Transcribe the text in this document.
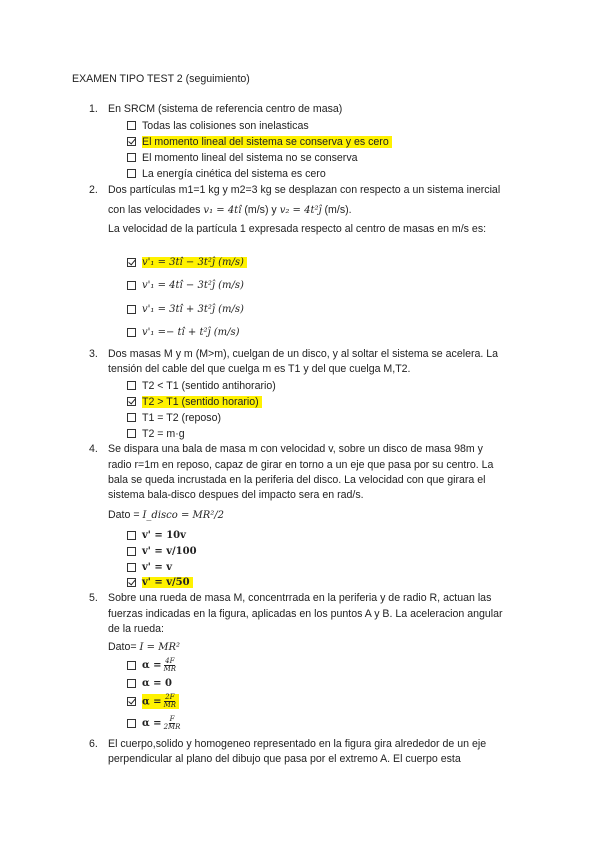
EXAMEN TIPO TEST 2 (seguimiento)
1. En SRCM (sistema de referencia centro de masa)
Todas las colisiones son inelasticas
El momento lineal del sistema se conserva y es cero
El momento lineal del sistema no se conserva
La energía cinética del sistema es cero
2. Dos partículas m1=1 kg y m2=3 kg se desplazan con respecto a un sistema inercial
con las velocidades v₁ = 4tî (m/s) y v₂ = 4t²ĵ (m/s).
La velocidad de la partícula 1 expresada respecto al centro de masas en m/s es:
v'₁ = 3tî − 3t²ĵ (m/s)
v'₁ = 4tî − 3t²ĵ (m/s)
v'₁ = 3tî + 3t²ĵ (m/s)
v'₁ =− tî + t²ĵ (m/s)
3. Dos masas M y m (M>m), cuelgan de un disco, y al soltar el sistema se acelera. La
tensión del cable del que cuelga m es T1 y del que cuelga M,T2.
T2 < T1 (sentido antihorario)
T2 > T1 (sentido horario)
T1 = T2 (reposo)
T2 = m·g
4. Se dispara una bala de masa m con velocidad v, sobre un disco de masa 98m y
radio r=1m en reposo, capaz de girar en torno a un eje que pasa por su centro. La
bala se queda incrustada en la periferia del disco. La velocidad con que girara el
sistema bala-disco despues del impacto sera en rad/s.
Dato = I_disco = MR²/2
v' = 10v
v' = v/100
v' = v
v' = v/50
5. Sobre una rueda de masa M, concentrrada en la periferia y de radio R, actuan las
fuerzas indicadas en la figura, aplicadas en los puntos A y B. La aceleracion angular
de la rueda:
Dato= I = MR²
$\alpha = \frac{4F}{MR}$
α = 0
$\alpha = \frac{2F}{MR}$
$\alpha = \frac{F}{2MR}$
6. El cuerpo,solido y homogeneo representado en la figura gira alrededor de un eje
perpendicular al plano del dibujo que pasa por el extremo A. El cuerpo esta
